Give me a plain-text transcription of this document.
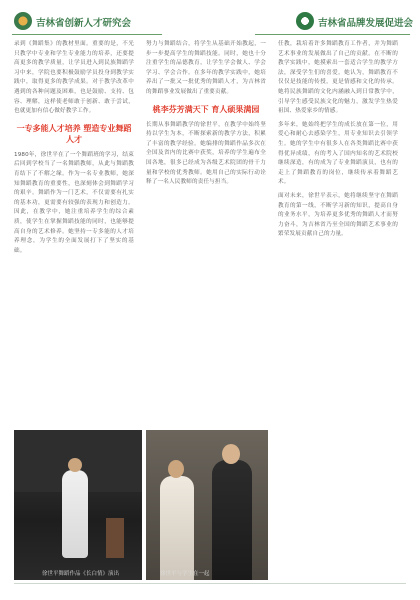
吉林省创新人才研究会	吉林省品牌发展促进会
录到《舞蹈集》的教材里面。重要的是，不光只教学中专业和学生专业能力的培养，还要提高更多的教学质量，让学员进入到民族舞蹈学习中来，学院也要积极鼓励学员投身到教学实践中，取得更多的教学成果。对于教学改革中遇到的各种问题及困难，也是鼓励、支持、包容、理解，这样使老师敢于创新、敢于尝试，也就更加有信心做好教学工作。
一专多能人才培养 塑造专业舞蹈人才
1980年，徐世平在了一个舞蹈班的学习，结束后回到学校当了一名舞蹈教师，从此与舞蹈教育结下了不解之缘。作为一名专业教师，她深知舞蹈教育的重要性，也深刻体会到舞蹈学习的艰辛。舞蹈作为一门艺术，不仅需要有扎实的基本功，更需要有较强的表现力和创造力。因此，在教学中，她注重培养学生的综合素质，使学生在掌握舞蹈技能的同时，也能够提高自身的艺术修养。她坚持一专多能的人才培养理念，为学生的全面发展打下了坚实的基础。
努力与舞蹈结合，将学生从基础开始教起，一步一步提高学生的舞蹈技能。同时，她也十分注重学生的品德教育，让学生学会做人、学会学习、学会合作。在多年的教学实践中，她培养出了一批又一批优秀的舞蹈人才，为吉林省的舞蹈事业发展做出了重要贡献。
桃李芬芳满天下 育人硕果满园
长期从事舞蹈教学的徐世平，在教学中始终坚持以学生为本，不断探索新的教学方法，积累了丰富的教学经验。她编排的舞蹈作品多次在全国及省内的比赛中获奖，培养的学生遍布全国各地，很多已经成为各级艺术院团的骨干力量和学校的优秀教师。她用自己的实际行动诠释了一名人民教师的责任与担当。
任教，栽培着许多舞蹈教育工作者，并为舞蹈艺术事业的发展做出了自己的贡献。在不断的教学实践中，她摸索出一套适合学生的教学方法，深受学生们的喜爱。她认为，舞蹈教育不仅仅是技能的传授，更是情感和文化的传承。她将民族舞蹈的文化内涵融入到日常教学中，引导学生感受民族文化的魅力，激发学生热爱祖国、热爱家乡的情感。
多年来，她始终把学生的成长放在第一位，用爱心和耐心去感染学生，用专业知识去引领学生。她的学生中有很多人在各类舞蹈比赛中获得优异成绩，有的考入了国内知名的艺术院校继续深造，有的成为了专业舞蹈演员，也有的走上了舞蹈教育的岗位，继续传承着舞蹈艺术。
面对未来，徐世平表示，她将继续坚守在舞蹈教育的第一线，不断学习新的知识，提高自身的业务水平，为培养更多优秀的舞蹈人才而努力奋斗，为吉林省乃至全国的舞蹈艺术事业的繁荣发展贡献自己的力量。
徐世平舞蹈作品《长白情》演出	徐世平与学生在一起
